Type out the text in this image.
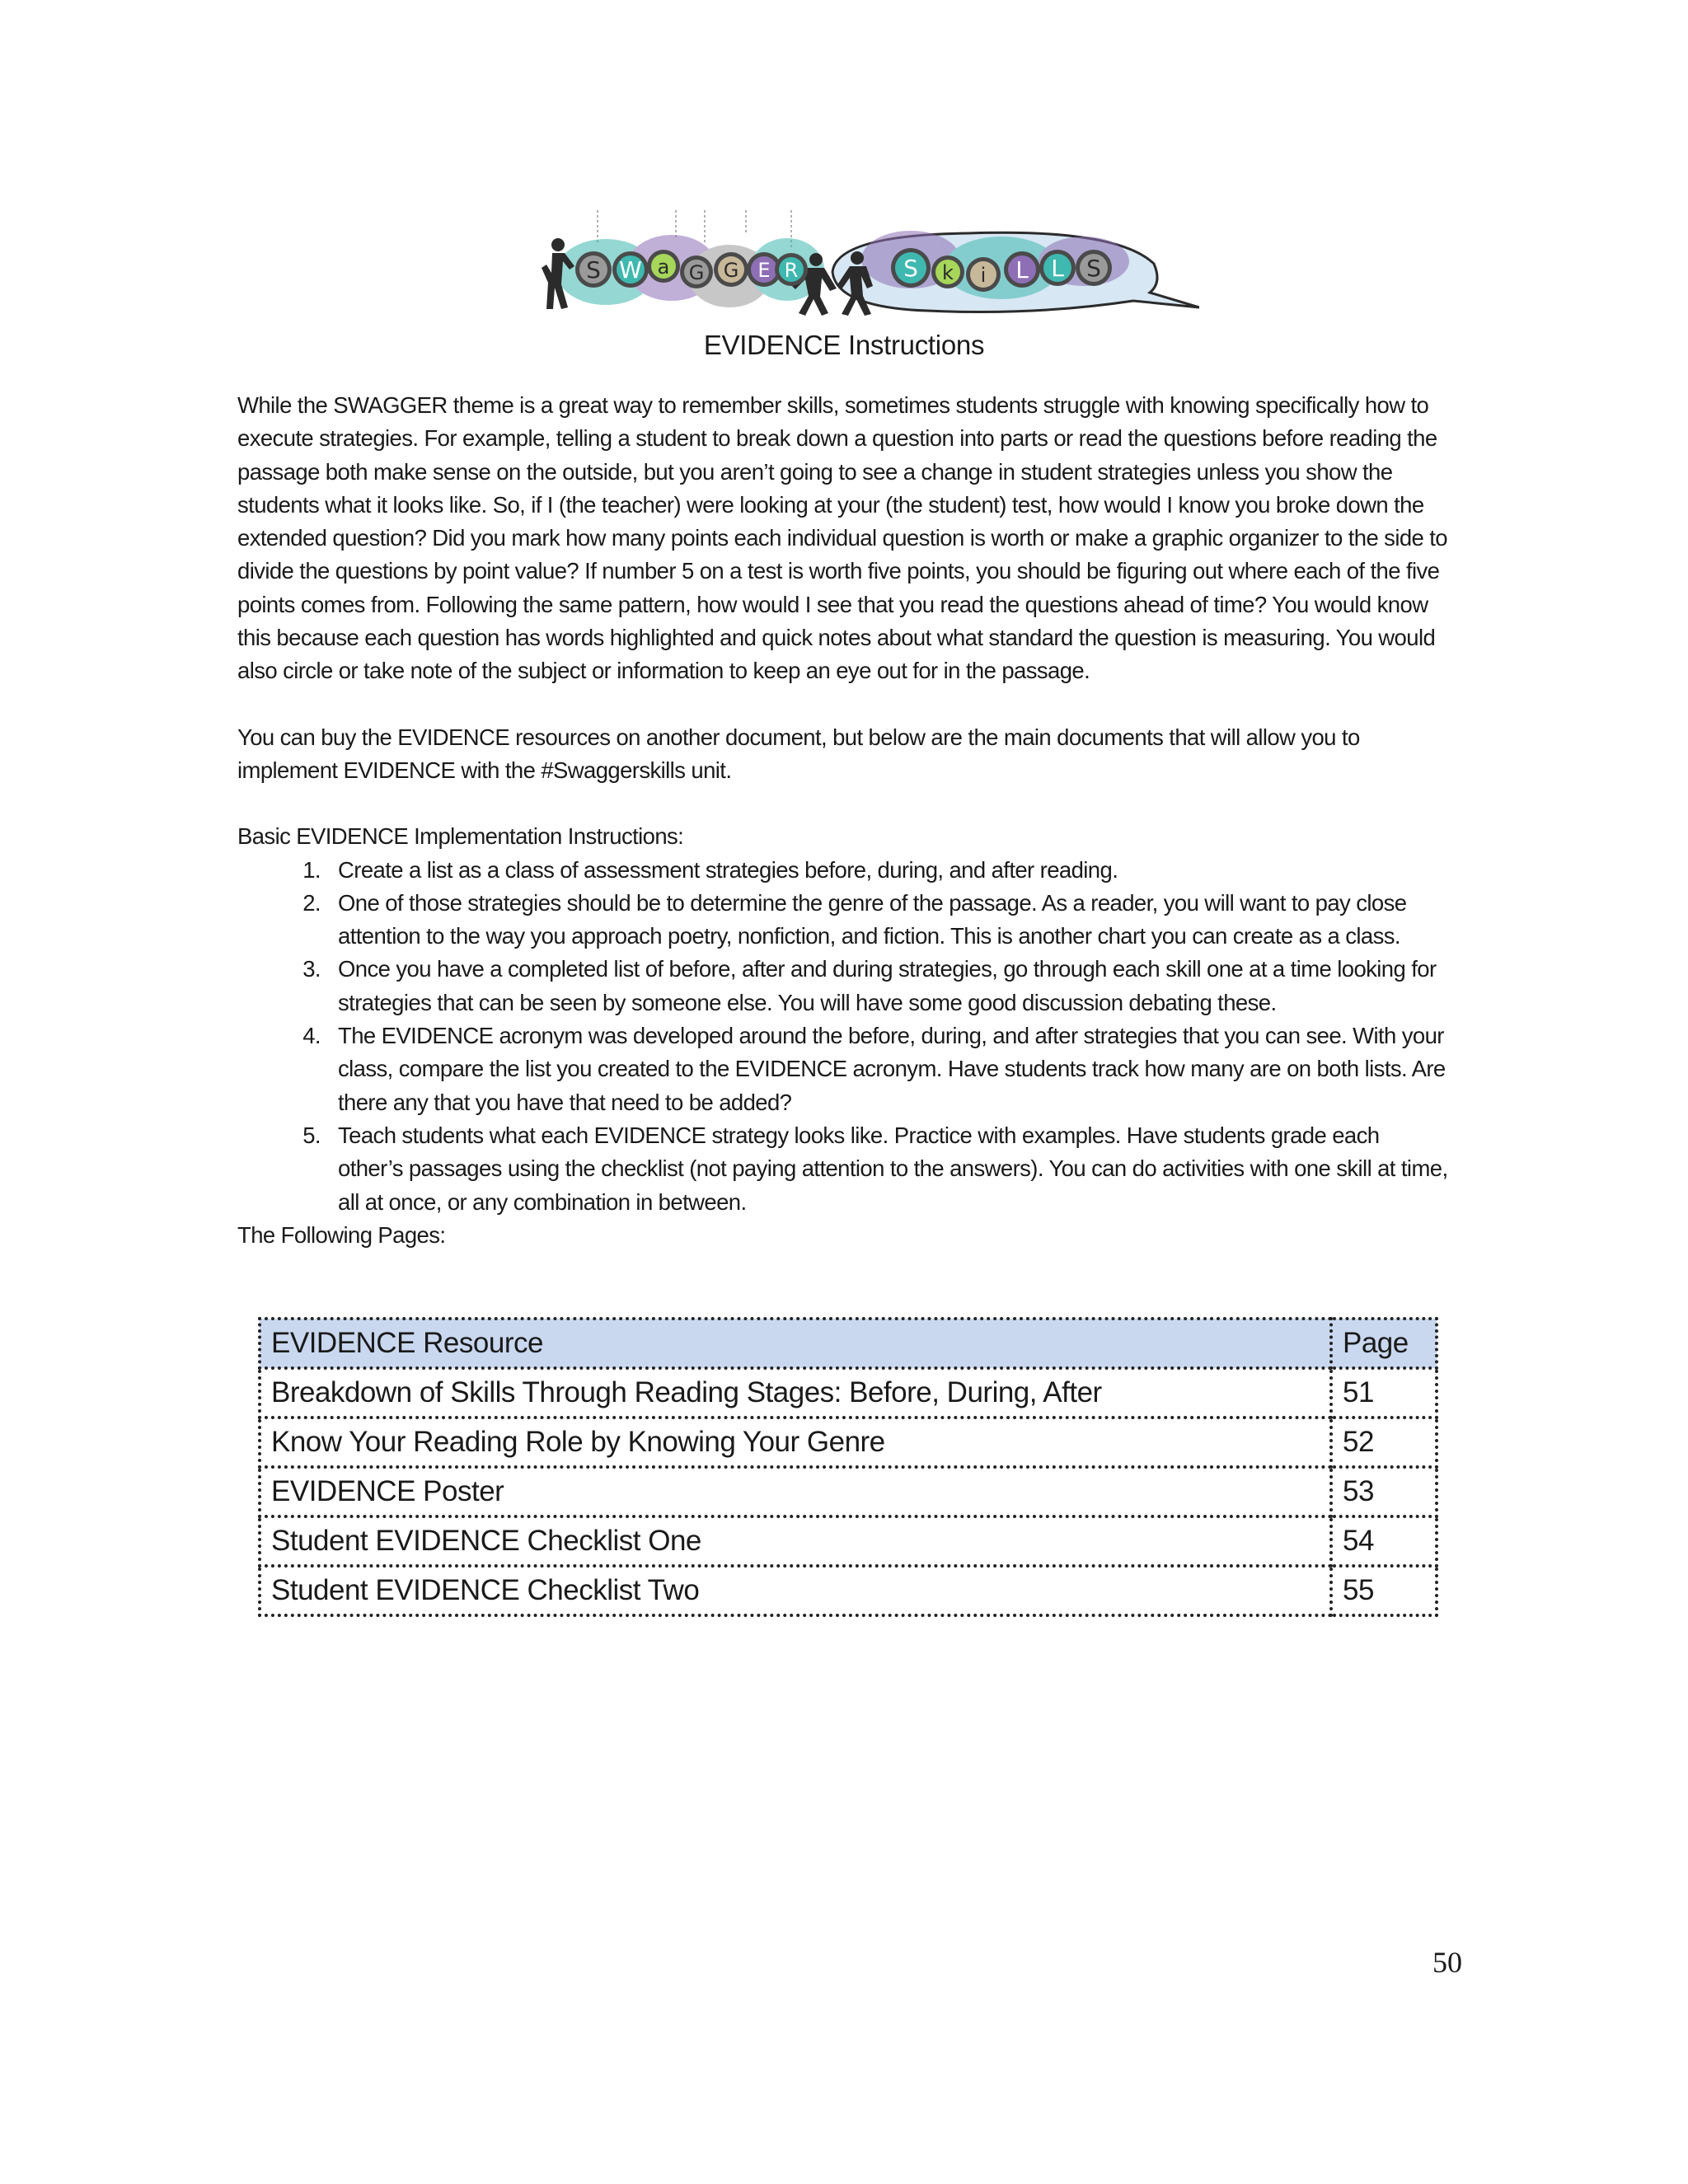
S W a G G E R	S k i L L S
EVIDENCE Instructions

While the SWAGGER theme is a great way to remember skills, sometimes students struggle with knowing specifically how to execute strategies. For example, telling a student to break down a question into parts or read the questions before reading the passage both make sense on the outside, but you aren’t going to see a change in student strategies unless you show the students what it looks like. So, if I (the teacher) were looking at your (the student) test, how would I know you broke down the extended question? Did you mark how many points each individual question is worth or make a graphic organizer to the side to divide the questions by point value? If number 5 on a test is worth five points, you should be figuring out where each of the five points comes from. Following the same pattern, how would I see that you read the questions ahead of time? You would know this because each question has words highlighted and quick notes about what standard the question is measuring. You would also circle or take note of the subject or information to keep an eye out for in the passage.

You can buy the EVIDENCE resources on another document, but below are the main documents that will allow you to implement EVIDENCE with the #Swaggerskills unit.

Basic EVIDENCE Implementation Instructions:

1. Create a list as a class of assessment strategies before, during, and after reading.
2. One of those strategies should be to determine the genre of the passage. As a reader, you will want to pay close attention to the way you approach poetry, nonfiction, and fiction. This is another chart you can create as a class.
3. Once you have a completed list of before, after and during strategies, go through each skill one at a time looking for strategies that can be seen by someone else. You will have some good discussion debating these.
4. The EVIDENCE acronym was developed around the before, during, and after strategies that you can see. With your class, compare the list you created to the EVIDENCE acronym. Have students track how many are on both lists. Are there any that you have that need to be added?
5. Teach students what each EVIDENCE strategy looks like. Practice with examples. Have students grade each other’s passages using the checklist (not paying attention to the answers). You can do activities with one skill at time, all at once, or any combination in between.

The Following Pages:

EVIDENCE Resource	Page
Breakdown of Skills Through Reading Stages: Before, During, After	51
Know Your Reading Role by Knowing Your Genre	52
EVIDENCE Poster	53
Student EVIDENCE Checklist One	54
Student EVIDENCE Checklist Two	55
50
